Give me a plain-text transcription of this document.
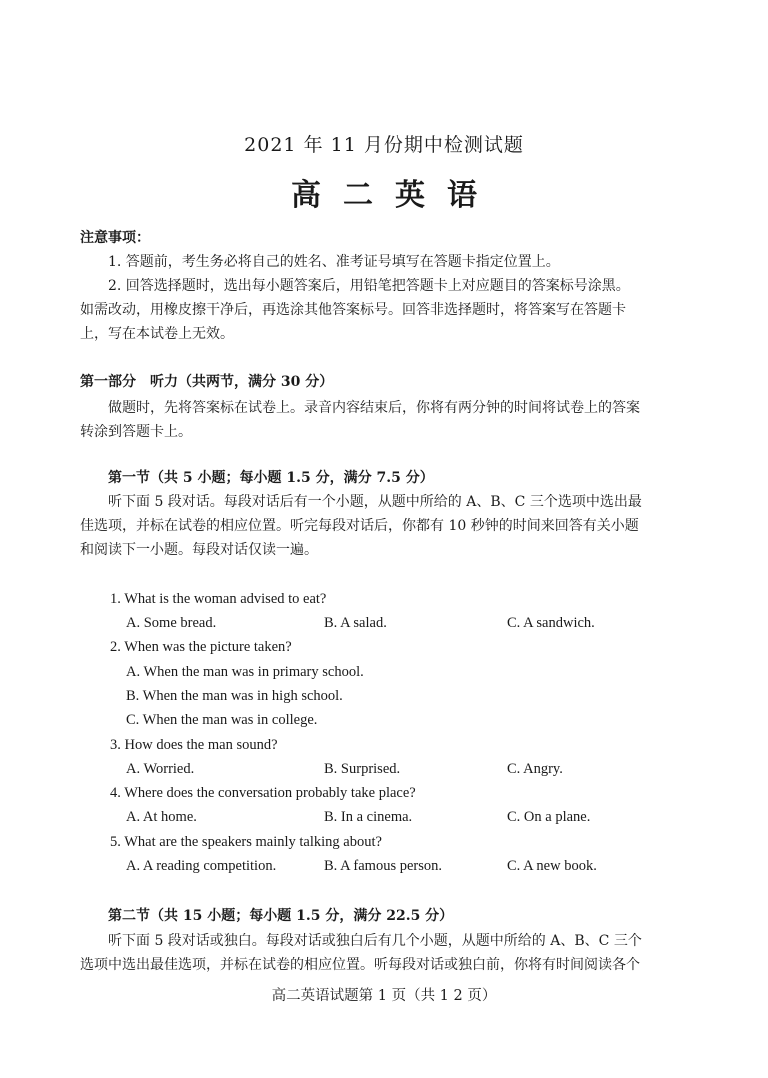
2021 年 11 月份期中检测试题
高二英语
注意事项：
1. 答题前，考生务必将自己的姓名、准考证号填写在答题卡指定位置上。
2. 回答选择题时，选出每小题答案后，用铅笔把答题卡上对应题目的答案标号涂黑。
如需改动，用橡皮擦干净后，再选涂其他答案标号。回答非选择题时，将答案写在答题卡
上，写在本试卷上无效。
第一部分　听力（共两节，满分 30 分）
做题时，先将答案标在试卷上。录音内容结束后，你将有两分钟的时间将试卷上的答案
转涂到答题卡上。
第一节（共 5 小题；每小题 1.5 分，满分 7.5 分）
听下面 5 段对话。每段对话后有一个小题，从题中所给的 A、B、C 三个选项中选出最
佳选项，并标在试卷的相应位置。听完每段对话后，你都有 10 秒钟的时间来回答有关小题
和阅读下一小题。每段对话仅读一遍。
1. What is the woman advised to eat?
A. Some bread.	B. A salad.	C. A sandwich.
2. When was the picture taken?
A. When the man was in primary school.
B. When the man was in high school.
C. When the man was in college.
3. How does the man sound?
A. Worried.	B. Surprised.	C. Angry.
4. Where does the conversation probably take place?
A. At home.	B. In a cinema.	C. On a plane.
5. What are the speakers mainly talking about?
A. A reading competition.	B. A famous person.	C. A new book.
第二节（共 15 小题；每小题 1.5 分，满分 22.5 分）
听下面 5 段对话或独白。每段对话或独白后有几个小题，从题中所给的 A、B、C 三个
选项中选出最佳选项，并标在试卷的相应位置。听每段对话或独白前，你将有时间阅读各个
高二英语试题第 1 页（共 1 2 页）
